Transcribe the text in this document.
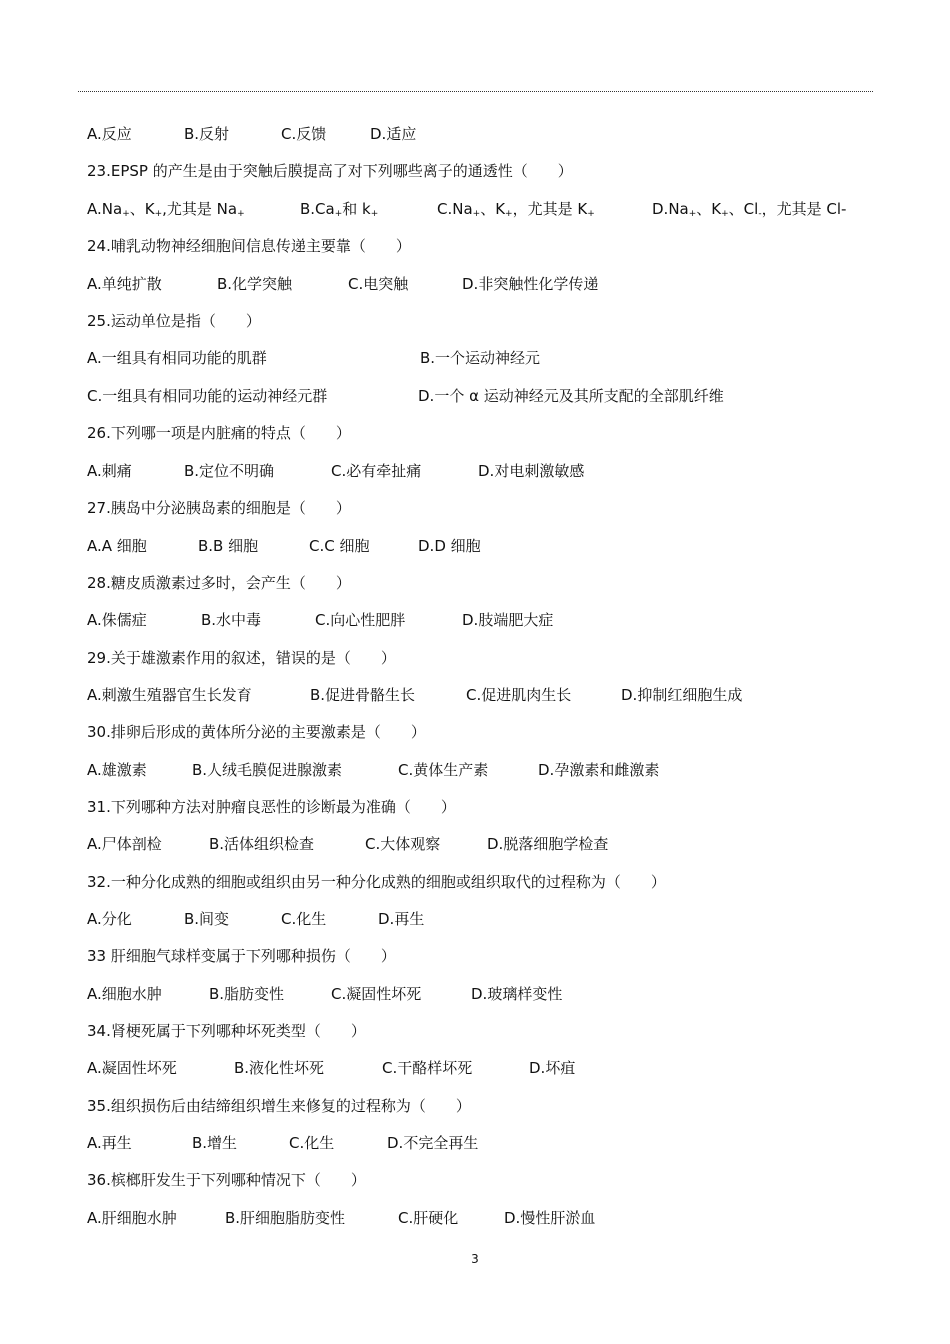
A.反应	B.反射	C.反馈	D.适应
23.EPSP 的产生是由于突触后膜提高了对下列哪些离子的通透性（　　）
$A.Na_+$、$K_+$,尤其是 $Na_+$	$B.Ca_+$和 $k_+$	$C.Na_+$、$K_+$，尤其是 $K_+$	$D.Na_+$、$K_+$、$Cl_-$，尤其是 Cl-
24.哺乳动物神经细胞间信息传递主要靠（　　）
A.单纯扩散	B.化学突触	C.电突触	D.非突触性化学传递
25.运动单位是指（　　）
A.一组具有相同功能的肌群	B.一个运动神经元
C.一组具有相同功能的运动神经元群	D.一个 α 运动神经元及其所支配的全部肌纤维
26.下列哪一项是内脏痛的特点（　　）
A.刺痛	B.定位不明确	C.必有牵扯痛	D.对电刺激敏感
27.胰岛中分泌胰岛素的细胞是（　　）
A.A 细胞	B.B 细胞	C.C 细胞	D.D 细胞
28.糖皮质激素过多时，会产生（　　）
A.侏儒症	B.水中毒	C.向心性肥胖	D.肢端肥大症
29.关于雄激素作用的叙述，错误的是（　　）
A.刺激生殖器官生长发育	B.促进骨骼生长	C.促进肌肉生长	D.抑制红细胞生成
30.排卵后形成的黄体所分泌的主要激素是（　　）
A.雄激素	B.人绒毛膜促进腺激素	C.黄体生产素	D.孕激素和雌激素
31.下列哪种方法对肿瘤良恶性的诊断最为准确（　　）
A.尸体剖检	B.活体组织检查	C.大体观察	D.脱落细胞学检查
32.一种分化成熟的细胞或组织由另一种分化成熟的细胞或组织取代的过程称为（　　）
A.分化	B.间变	C.化生	D.再生
33 肝细胞气球样变属于下列哪种损伤（　　）
A.细胞水肿	B.脂肪变性	C.凝固性坏死	D.玻璃样变性
34.肾梗死属于下列哪种坏死类型（　　）
A.凝固性坏死	B.液化性坏死	C.干酪样坏死	D.坏疽
35.组织损伤后由结缔组织增生来修复的过程称为（　　）
A.再生	B.增生	C.化生	D.不完全再生
36.槟榔肝发生于下列哪种情况下（　　）
A.肝细胞水肿	B.肝细胞脂肪变性	C.肝硬化	D.慢性肝淤血
3
